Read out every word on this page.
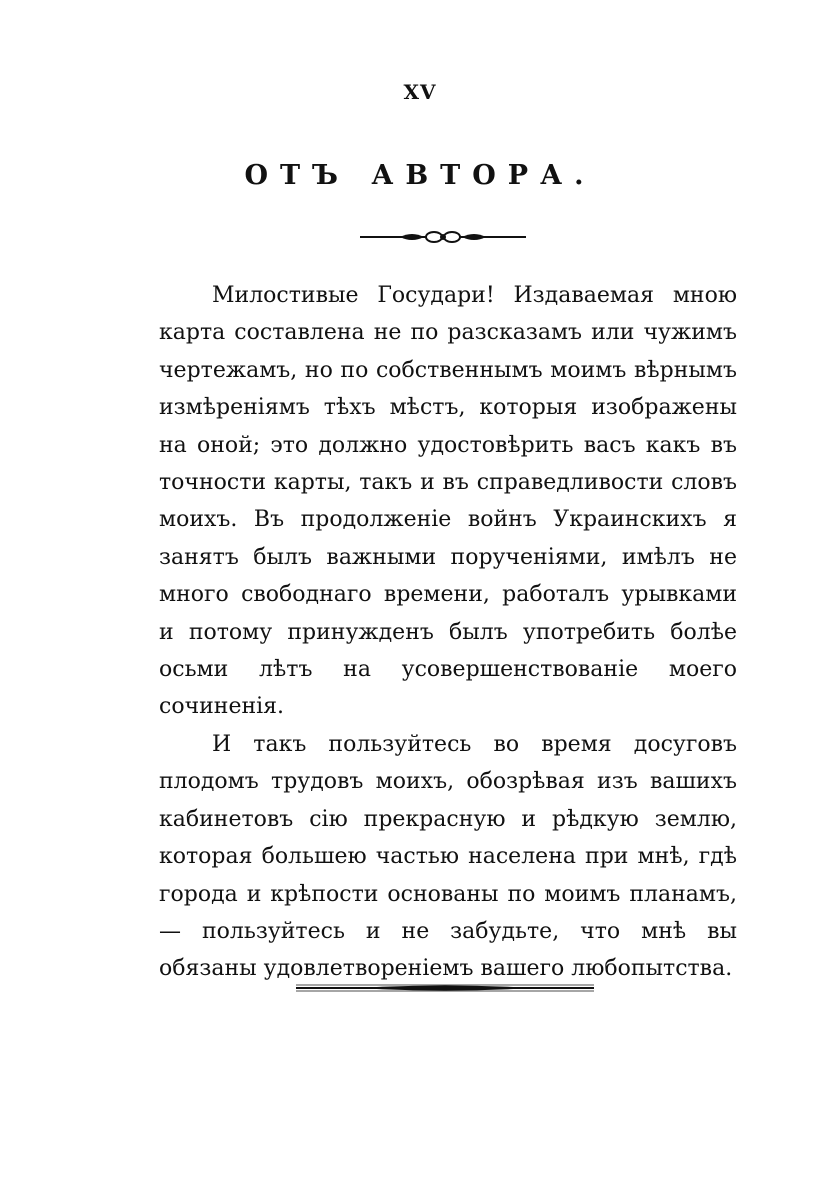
XV
ОТЪ АВТОРА.

Милостивые Государи! Издаваемая мною карта составлена не по разсказамъ или чужимъ чертежамъ, но по собственнымъ моимъ вѣрнымъ измѣреніямъ тѣхъ мѣстъ, которыя изображены на оной; это должно удостовѣрить васъ какъ въ точности карты, такъ и въ справедливости словъ моихъ. Въ продолженіе войнъ Украинскихъ я занятъ былъ важными порученіями, имѣлъ не много свободнаго времени, работалъ урывками и потому принужденъ былъ употребить болѣе осьми лѣтъ на усовершенствованіе моего сочиненія.

И такъ пользуйтесь во время досуговъ плодомъ трудовъ моихъ, обозрѣвая изъ вашихъ кабинетовъ сію прекрасную и рѣдкую землю, которая большею частью населена при мнѣ, гдѣ города и крѣпости основаны по моимъ планамъ, — пользуйтесь и не забудьте, что мнѣ вы обязаны удовлетвореніемъ вашего любопытства.
